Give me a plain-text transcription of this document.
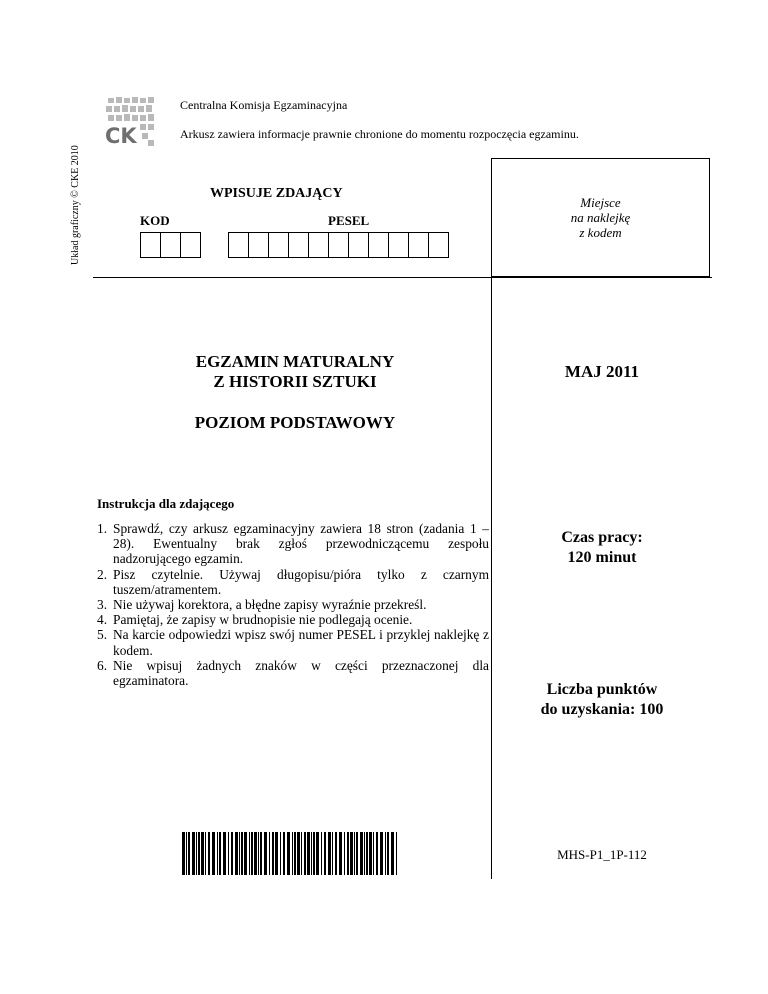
CK
Układ graficzny © CKE 2010
Centralna Komisja Egzaminacyjna
Arkusz zawiera informacje prawnie chronione do momentu rozpoczęcia egzaminu.
Miejsce
na naklejkę
z kodem
WPISUJE ZDAJĄCY
KOD	PESEL
EGZAMIN MATURALNY
Z HISTORII SZTUKI
POZIOM PODSTAWOWY
MAJ 2011
Instrukcja dla zdającego
1. Sprawdź, czy arkusz egzaminacyjny zawiera 18 stron (zadania 1 – 28). Ewentualny brak zgłoś przewodniczącemu zespołu nadzorującego egzamin.
2. Pisz czytelnie. Używaj długopisu/pióra tylko z czarnym tuszem/atramentem.
3. Nie używaj korektora, a błędne zapisy wyraźnie przekreśl.
4. Pamiętaj, że zapisy w brudnopisie nie podlegają ocenie.
5. Na karcie odpowiedzi wpisz swój numer PESEL i przyklej naklejkę z kodem.
6. Nie wpisuj żadnych znaków w części przeznaczonej dla egzaminatora.
Czas pracy:
120 minut
Liczba punktów
do uzyskania: 100
MHS-P1_1P-112
